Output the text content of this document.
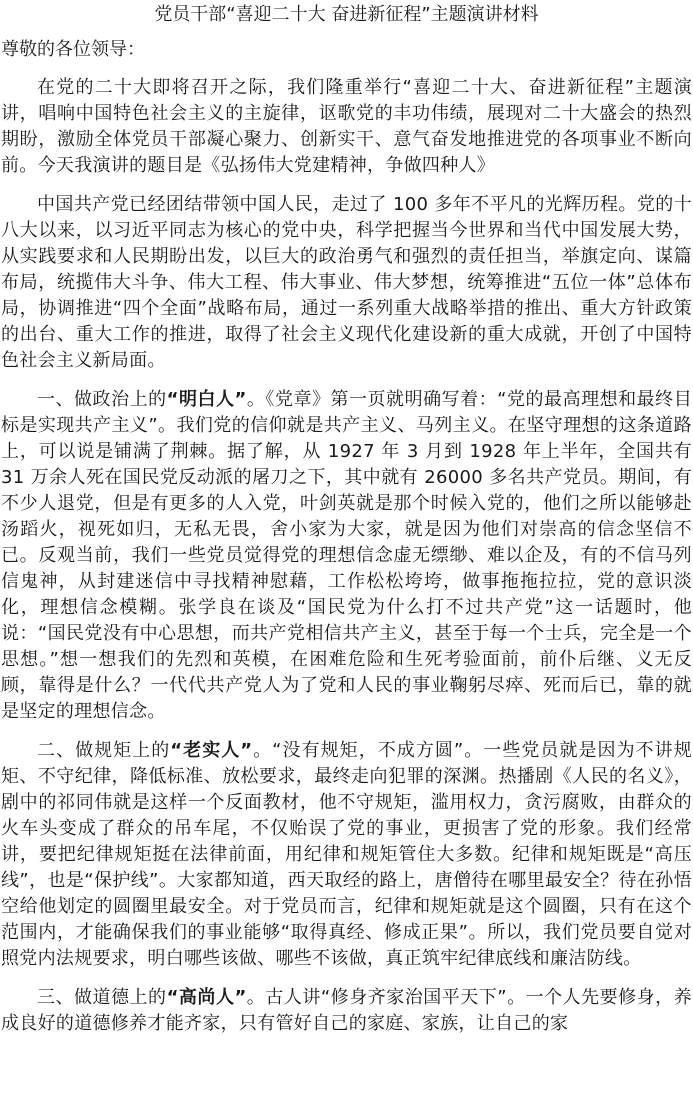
党员干部“喜迎二十大 奋进新征程”主题演讲材料
尊敬的各位领导：

在党的二十大即将召开之际，我们隆重举行“喜迎二十大、奋进新征程”主题演讲，唱响中国特色社会主义的主旋律，讴歌党的丰功伟绩，展现对二十大盛会的热烈期盼，激励全体党员干部凝心聚力、创新实干、意气奋发地推进党的各项事业不断向前。今天我演讲的题目是《弘扬伟大党建精神，争做四种人》

中国共产党已经团结带领中国人民，走过了 100 多年不平凡的光辉历程。党的十八大以来，以习近平同志为核心的党中央，科学把握当今世界和当代中国发展大势，从实践要求和人民期盼出发，以巨大的政治勇气和强烈的责任担当，举旗定向、谋篇布局，统揽伟大斗争、伟大工程、伟大事业、伟大梦想，统筹推进“五位一体”总体布局，协调推进“四个全面”战略布局，通过一系列重大战略举措的推出、重大方针政策的出台、重大工作的推进，取得了社会主义现代化建设新的重大成就，开创了中国特色社会主义新局面。

一、做政治上的“明白人”。《党章》第一页就明确写着：“党的最高理想和最终目标是实现共产主义”。我们党的信仰就是共产主义、马列主义。在坚守理想的这条道路上，可以说是铺满了荆棘。据了解，从 1927 年 3 月到 1928 年上半年，全国共有 31 万余人死在国民党反动派的屠刀之下，其中就有 26000 多名共产党员。期间，有不少人退党，但是有更多的人入党，叶剑英就是那个时候入党的，他们之所以能够赴汤蹈火，视死如归，无私无畏，舍小家为大家，就是因为他们对崇高的信念坚信不已。反观当前，我们一些党员觉得党的理想信念虚无缥缈、难以企及，有的不信马列信鬼神，从封建迷信中寻找精神慰藉，工作松松垮垮，做事拖拖拉拉，党的意识淡化，理想信念模糊。张学良在谈及“国民党为什么打不过共产党”这一话题时，他说：“国民党没有中心思想，而共产党相信共产主义，甚至于每一个士兵，完全是一个思想。”想一想我们的先烈和英模，在困难危险和生死考验面前，前仆后继、义无反顾，靠得是什么？一代代共产党人为了党和人民的事业鞠躬尽瘁、死而后已，靠的就是坚定的理想信念。

二、做规矩上的“老实人”。“没有规矩，不成方圆”。一些党员就是因为不讲规矩、不守纪律，降低标准、放松要求，最终走向犯罪的深渊。热播剧《人民的名义》，剧中的祁同伟就是这样一个反面教材，他不守规矩，滥用权力，贪污腐败，由群众的火车头变成了群众的吊车尾，不仅贻误了党的事业，更损害了党的形象。我们经常讲，要把纪律规矩挺在法律前面，用纪律和规矩管住大多数。纪律和规矩既是“高压线”，也是“保护线”。大家都知道，西天取经的路上，唐僧待在哪里最安全？待在孙悟空给他划定的圆圈里最安全。对于党员而言，纪律和规矩就是这个圆圈，只有在这个范围内，才能确保我们的事业能够“取得真经、修成正果”。所以，我们党员要自觉对照党内法规要求，明白哪些该做、哪些不该做，真正筑牢纪律底线和廉洁防线。

三、做道德上的“高尚人”。古人讲“修身齐家治国平天下”。一个人先要修身，养成良好的道德修养才能齐家，只有管好自己的家庭、家族，让自己的家
